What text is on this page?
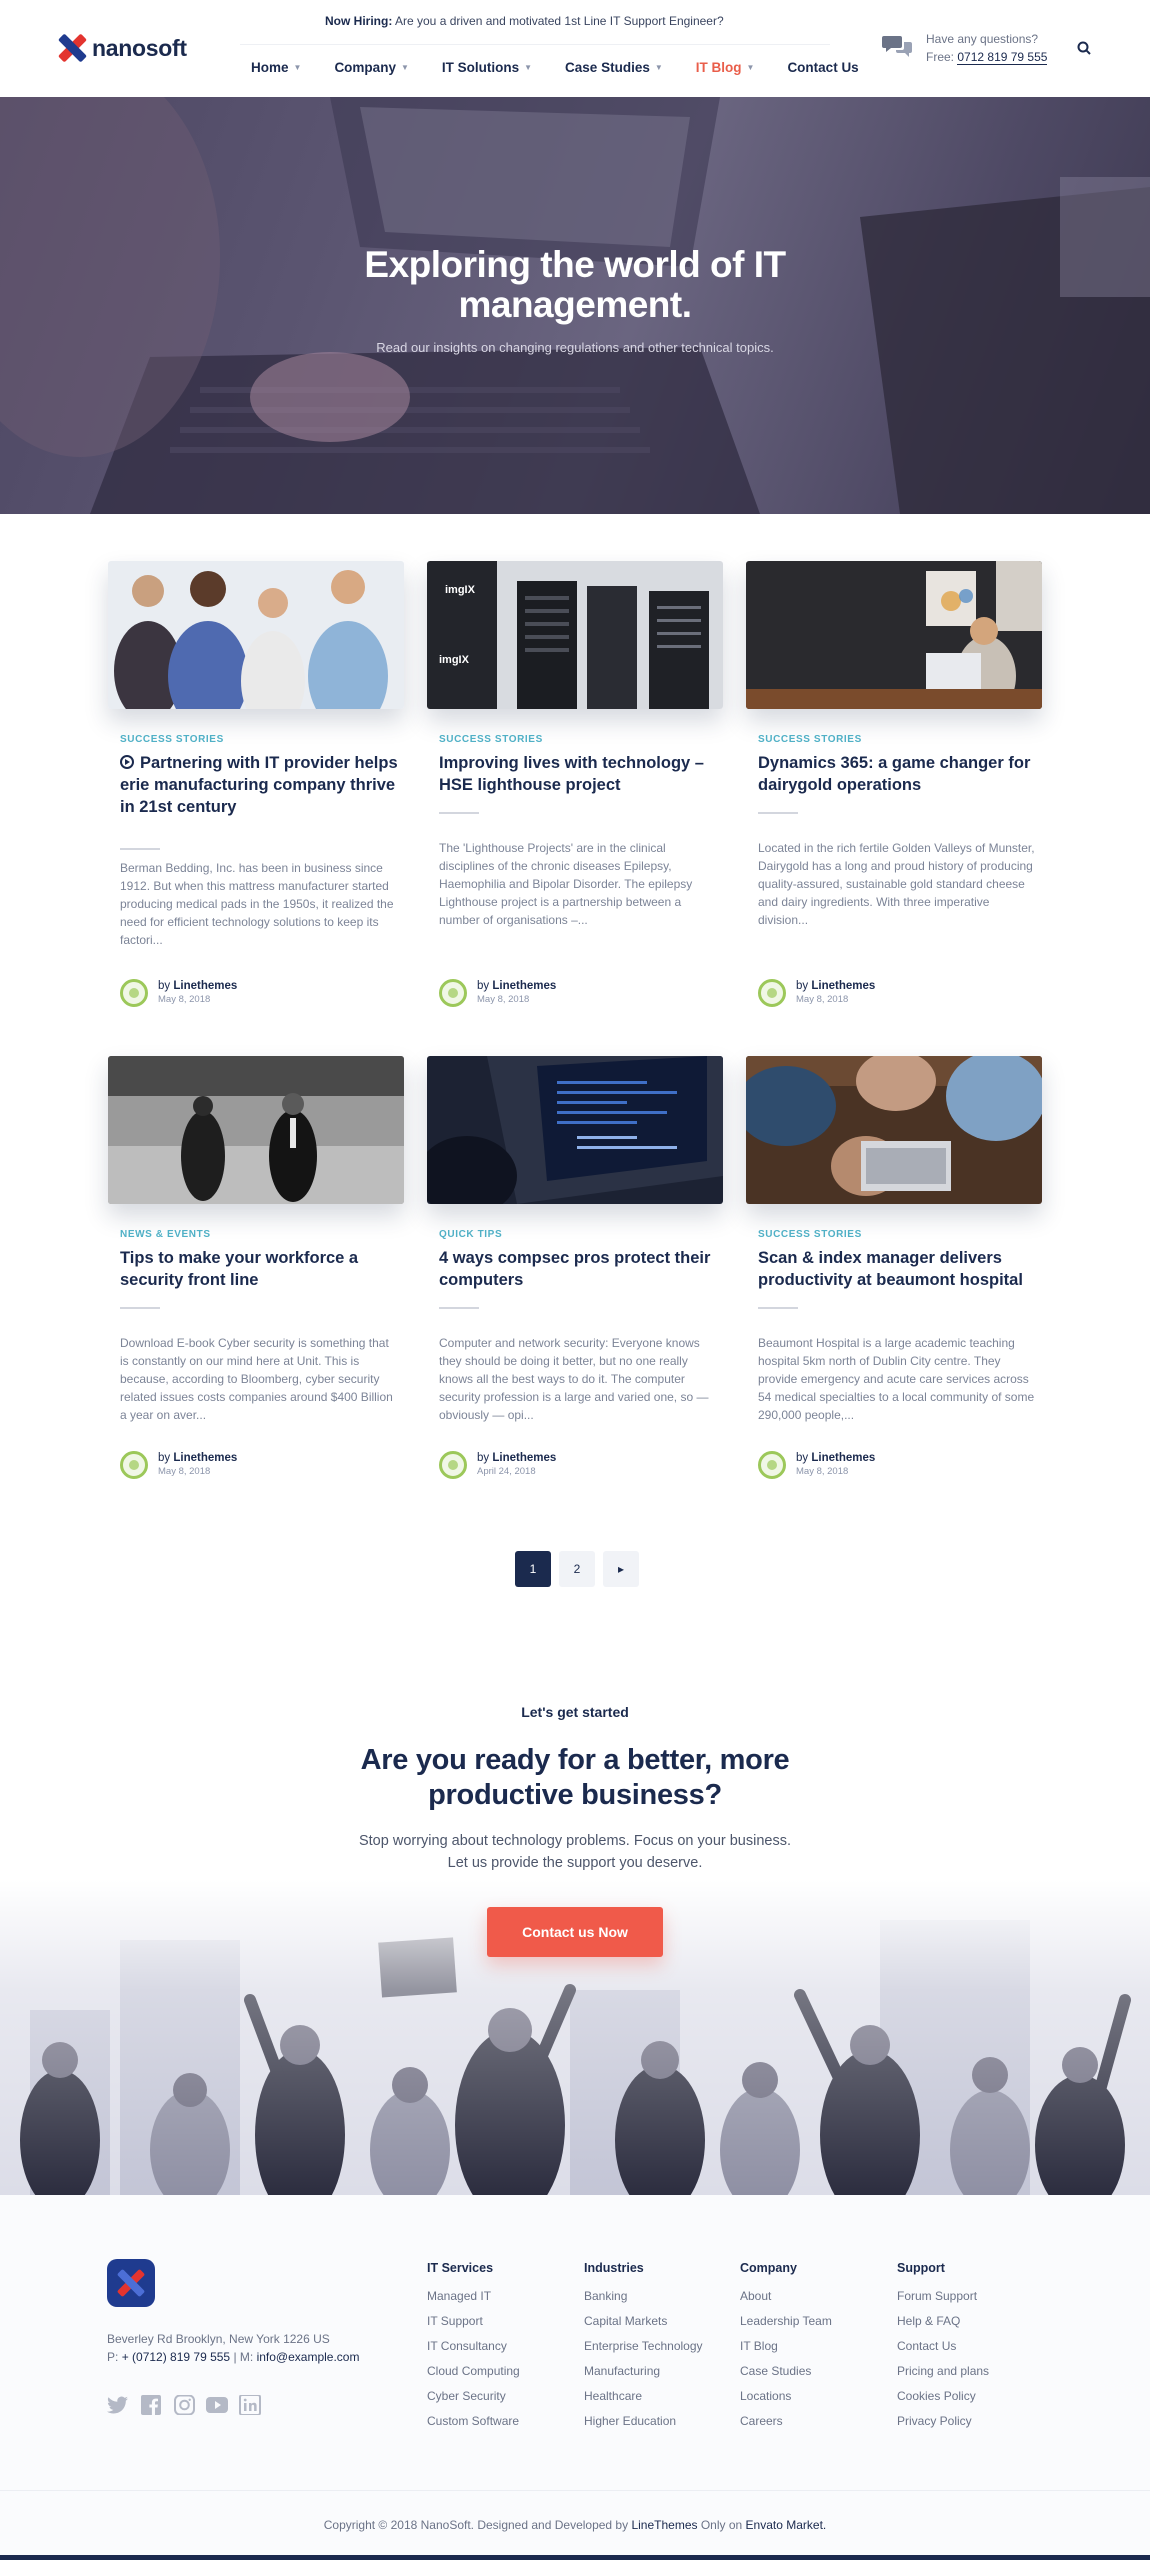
nanosoft
Now Hiring: Are you a driven and motivated 1st Line IT Support Engineer?
Home ▼ Company ▼ IT Solutions ▼ Case Studies ▼ IT Blog ▼ Contact Us
Have any questions?
Free: 0712 819 79 555
Exploring the world of IT management.
Read our insights on changing regulations and other technical topics.
SUCCESS STORIES
Partnering with IT provider helps erie manufacturing company thrive in 21st century
Berman Bedding, Inc. has been in business since 1912. But when this mattress manufacturer started producing medical pads in the 1950s, it realized the need for efficient technology solutions to keep its factori...
by Linethemes
May 8, 2018
imgIX
imgIX
SUCCESS STORIES
Improving lives with technology – HSE lighthouse project
The 'Lighthouse Projects' are in the clinical disciplines of the chronic diseases Epilepsy, Haemophilia and Bipolar Disorder. The epilepsy Lighthouse project is a partnership between a number of organisations –...
by Linethemes
May 8, 2018
SUCCESS STORIES
Dynamics 365: a game changer for dairygold operations
Located in the rich fertile Golden Valleys of Munster, Dairygold has a long and proud history of producing quality-assured, sustainable gold standard cheese and dairy ingredients. With three imperative division...
by Linethemes
May 8, 2018
NEWS & EVENTS
Tips to make your workforce a security front line
Download E-book Cyber security is something that is constantly on our mind here at Unit. This is because, according to Bloomberg, cyber security related issues costs companies around $400 Billion a year on aver...
by Linethemes
May 8, 2018
QUICK TIPS
4 ways compsec pros protect their computers
Computer and network security: Everyone knows they should be doing it better, but no one really knows all the best ways to do it. The computer security profession is a large and varied one, so — obviously — opi...
by Linethemes
April 24, 2018
SUCCESS STORIES
Scan & index manager delivers productivity at beaumont hospital
Beaumont Hospital is a large academic teaching hospital 5km north of Dublin City centre. They provide emergency and acute care services across 54 medical specialties to a local community of some 290,000 people,...
by Linethemes
May 8, 2018
1	2	▸
Let's get started
Are you ready for a better, more productive business?
Stop worrying about technology problems. Focus on your business.
Let us provide the support you deserve.
Contact us Now
Beverley Rd Brooklyn, New York 1226 US
P: + (0712) 819 79 555 | M: info@example.com
IT Services
Managed IT
IT Support
IT Consultancy
Cloud Computing
Cyber Security
Custom Software
Industries
Banking
Capital Markets
Enterprise Technology
Manufacturing
Healthcare
Higher Education
Company
About
Leadership Team
IT Blog
Case Studies
Locations
Careers
Support
Forum Support
Help & FAQ
Contact Us
Pricing and plans
Cookies Policy
Privacy Policy
Copyright © 2018 NanoSoft. Designed and Developed by LineThemes Only on Envato Market.
